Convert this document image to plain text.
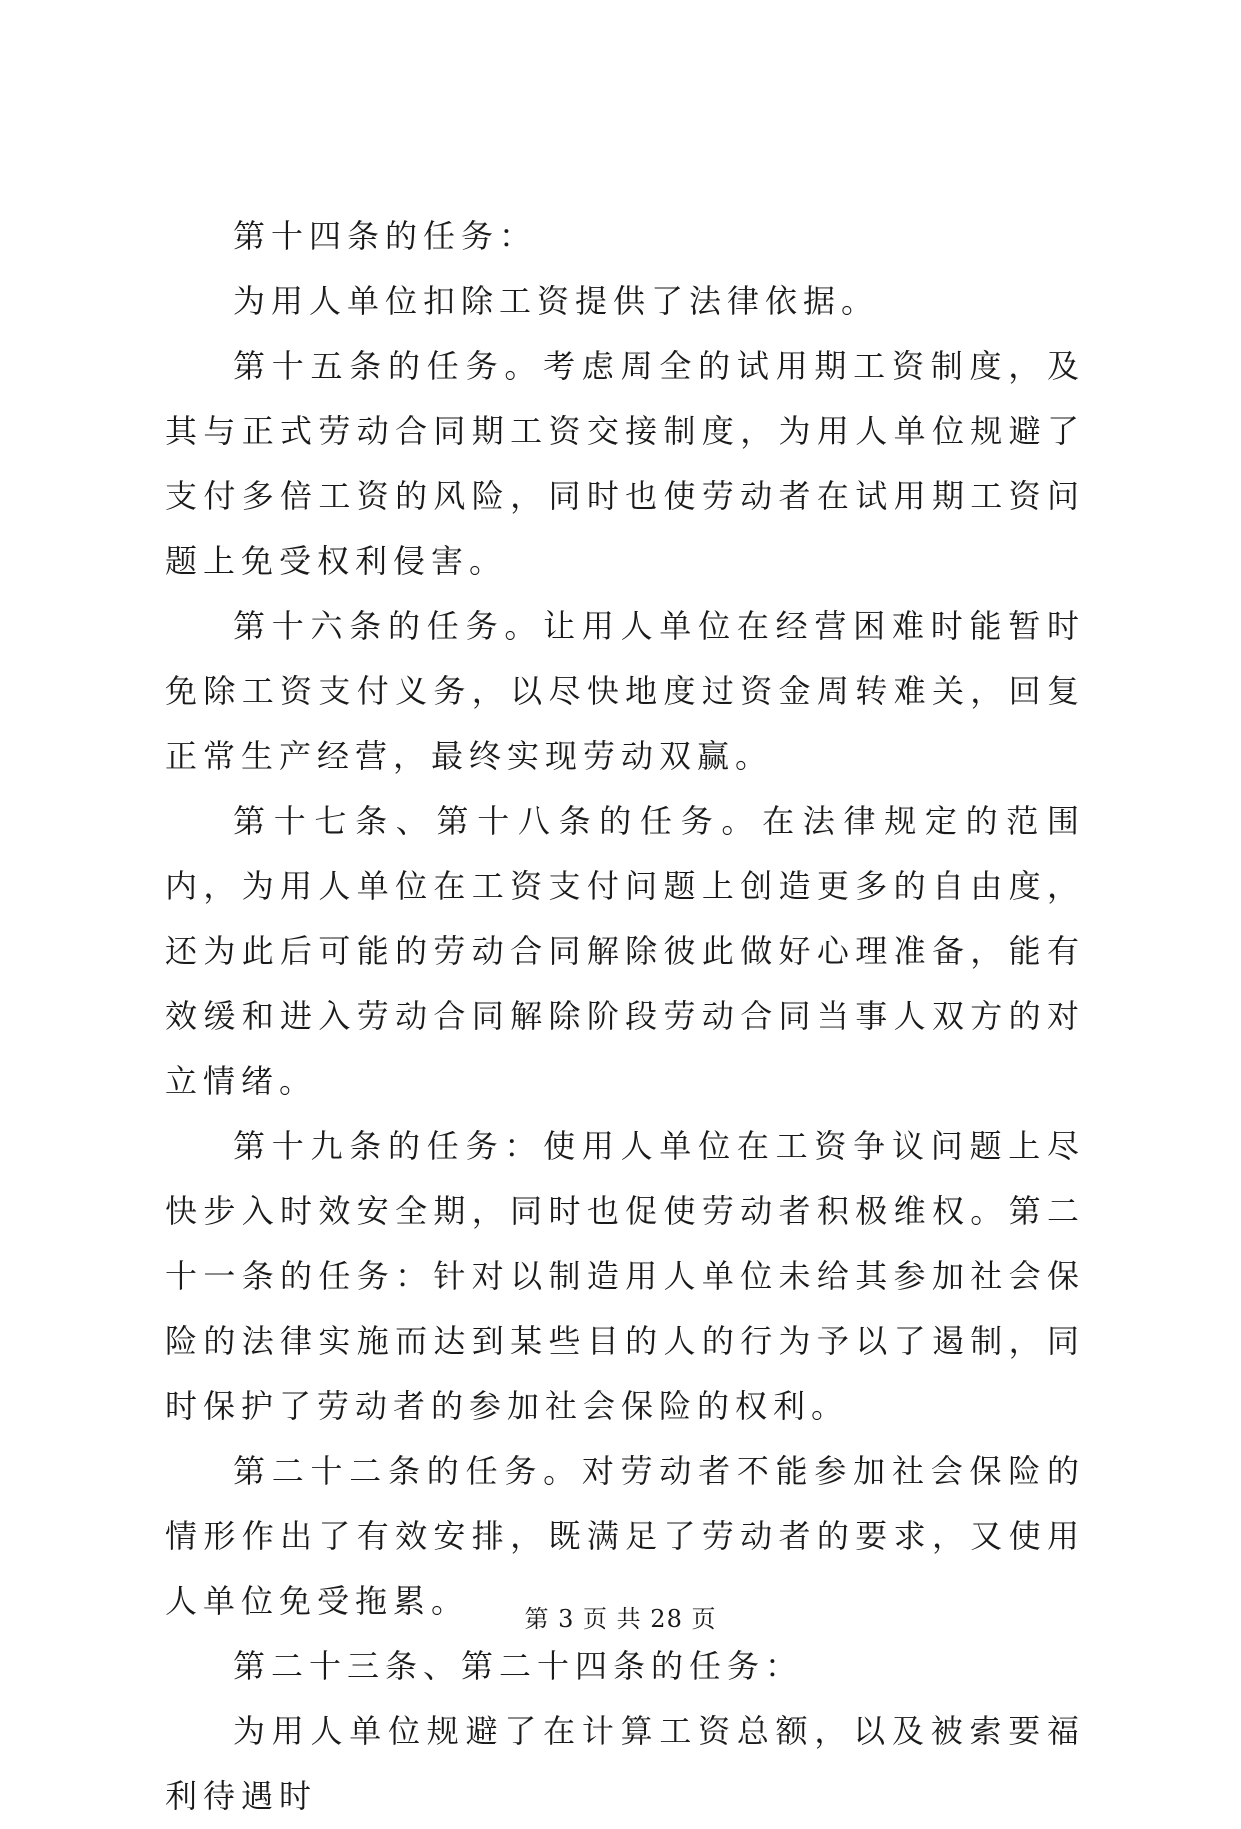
第十四条的任务：

为用人单位扣除工资提供了法律依据。

第十五条的任务。考虑周全的试用期工资制度，及其与正式劳动合同期工资交接制度，为用人单位规避了支付多倍工资的风险，同时也使劳动者在试用期工资问题上免受权利侵害。

第十六条的任务。让用人单位在经营困难时能暂时免除工资支付义务，以尽快地度过资金周转难关，回复正常生产经营，最终实现劳动双赢。

第十七条、第十八条的任务。在法律规定的范围内，为用人单位在工资支付问题上创造更多的自由度，还为此后可能的劳动合同解除彼此做好心理准备，能有效缓和进入劳动合同解除阶段劳动合同当事人双方的对立情绪。

第十九条的任务：使用人单位在工资争议问题上尽快步入时效安全期，同时也促使劳动者积极维权。第二十一条的任务：针对以制造用人单位未给其参加社会保险的法律实施而达到某些目的人的行为予以了遏制，同时保护了劳动者的参加社会保险的权利。

第二十二条的任务。对劳动者不能参加社会保险的情形作出了有效安排，既满足了劳动者的要求，又使用人单位免受拖累。

第二十三条、第二十四条的任务：

为用人单位规避了在计算工资总额，以及被索要福利待遇时

第 3 页 共 28 页
